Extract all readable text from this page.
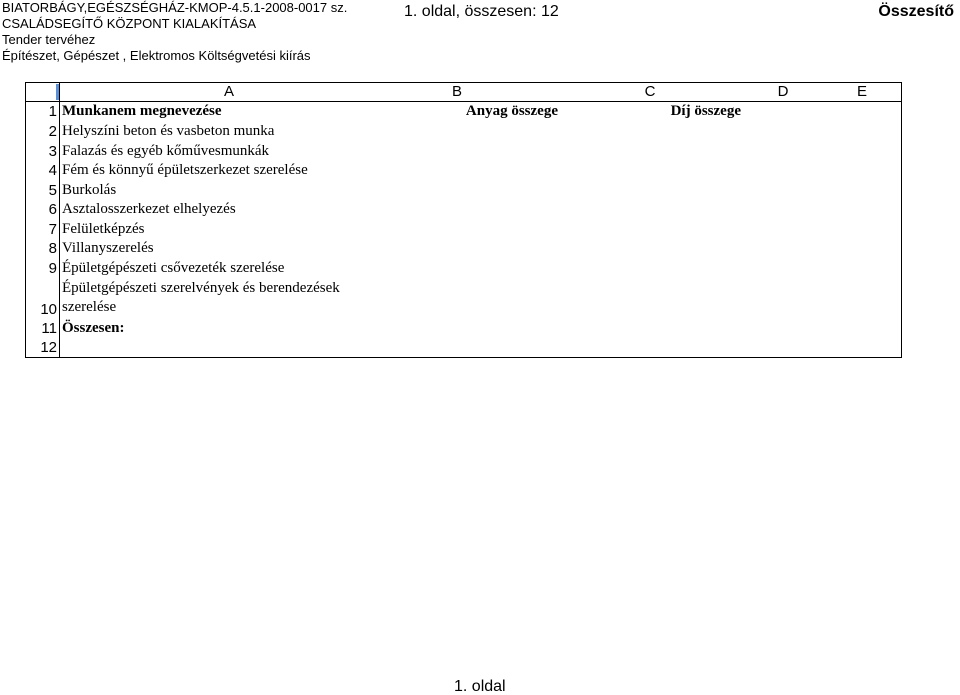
BIATORBÁGY,EGÉSZSÉGHÁZ-KMOP-4.5.1-2008-0017 sz.
CSALÁDSEGÍTŐ KÖZPONT KIALAKÍTÁSA
Tender tervéhez
Építészet, Gépészet , Elektromos Költségvetési kiírás
1. oldal, összesen: 12	Összesítő
A	B	C	D	E
1 Munkanem megnevezése	Anyag összege	Díj összege
2 Helyszíni beton és vasbeton munka
3 Falazás és egyéb kőművesmunkák
4 Fém és könnyű épületszerkezet szerelése
5 Burkolás
6 Asztalosszerkezet elhelyezés
7 Felületképzés
8 Villanyszerelés
9 Épületgépészeti csővezeték szerelése
10
Épületgépészeti szerelvények és berendezések szerelése
11 Összesen:
12
1. oldal
